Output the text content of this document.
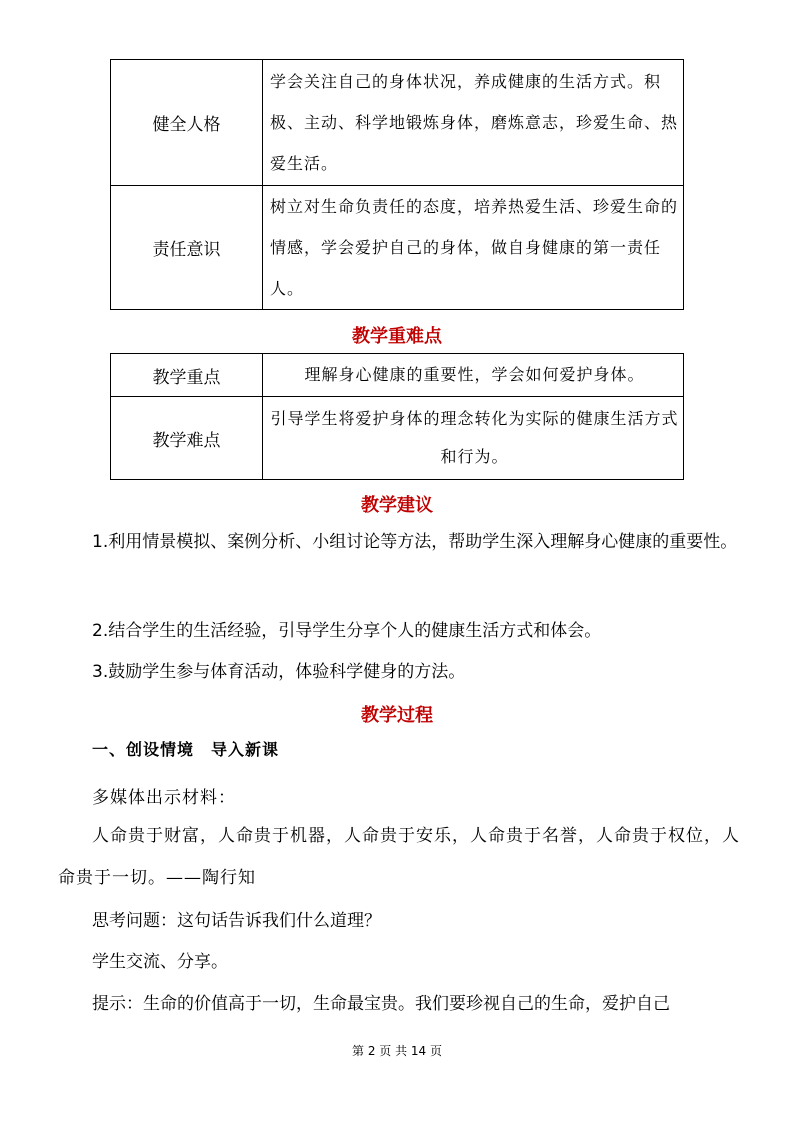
健全人格	学会关注自己的身体状况，养成健康的生活方式。积极、主动、科学地锻炼身体，磨炼意志，珍爱生命、热爱生活。
责任意识	树立对生命负责任的态度，培养热爱生活、珍爱生命的情感，学会爱护自己的身体，做自身健康的第一责任人。
教学重难点
教学重点	理解身心健康的重要性，学会如何爱护身体。
教学难点	引导学生将爱护身体的理念转化为实际的健康生活方式和行为。
教学建议
1.利用情景模拟、案例分析、小组讨论等方法，帮助学生深入理解身心健康的重要性。
2.结合学生的生活经验，引导学生分享个人的健康生活方式和体会。
3.鼓励学生参与体育活动，体验科学健身的方法。
教学过程
一、创设情境　导入新课
多媒体出示材料：
人命贵于财富，人命贵于机器，人命贵于安乐，人命贵于名誉，人命贵于权位，人命贵于一切。——陶行知
思考问题：这句话告诉我们什么道理？
学生交流、分享。
提示：生命的价值高于一切，生命最宝贵。我们要珍视自己的生命，爱护自己
第 2 页 共 14 页
